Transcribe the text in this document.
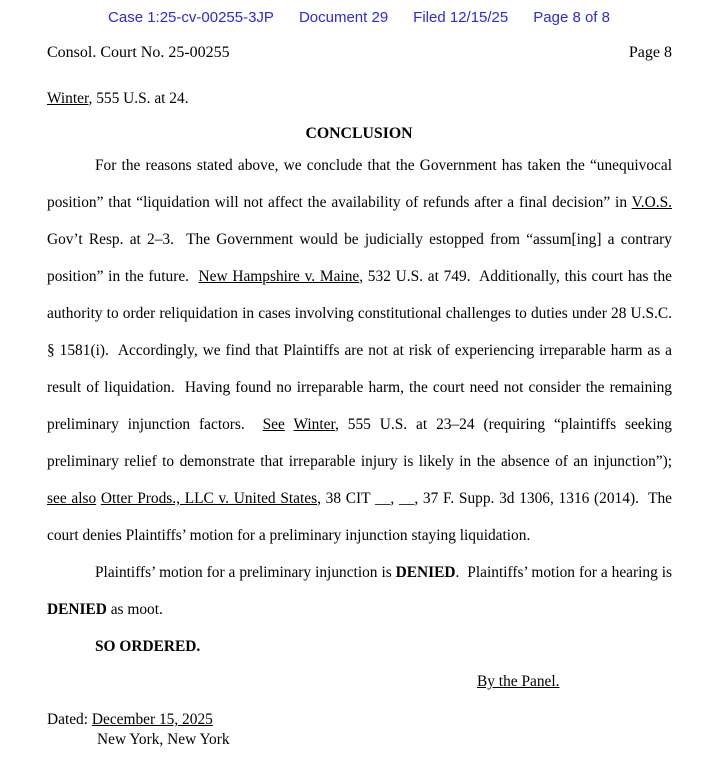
Case 1:25-cv-00255-3JP Document 29 Filed 12/15/25 Page 8 of 8
Consol. Court No. 25-00255	Page 8
Winter, 555 U.S. at 24.
CONCLUSION

For the reasons stated above, we conclude that the Government has taken the “unequivocal position” that “liquidation will not affect the availability of refunds after a final decision” in V.O.S. Gov’t Resp. at 2–3.  The Government would be judicially estopped from “assum[ing] a contrary position” in the future.  New Hampshire v. Maine, 532 U.S. at 749.  Additionally, this court has the authority to order reliquidation in cases involving constitutional challenges to duties under 28 U.S.C. § 1581(i).  Accordingly, we find that Plaintiffs are not at risk of experiencing irreparable harm as a result of liquidation.  Having found no irreparable harm, the court need not consider the remaining preliminary injunction factors.  See Winter, 555 U.S. at 23–24 (requiring “plaintiffs seeking preliminary relief to demonstrate that irreparable injury is likely in the absence of an injunction”); see also Otter Prods., LLC v. United States, 38 CIT __, __, 37 F. Supp. 3d 1306, 1316 (2014).  The court denies Plaintiffs’ motion for a preliminary injunction staying liquidation.

Plaintiffs’ motion for a preliminary injunction is DENIED.  Plaintiffs’ motion for a hearing is DENIED as moot.

SO ORDERED.
By the Panel.
Dated: December 15, 2025
New York, New York
